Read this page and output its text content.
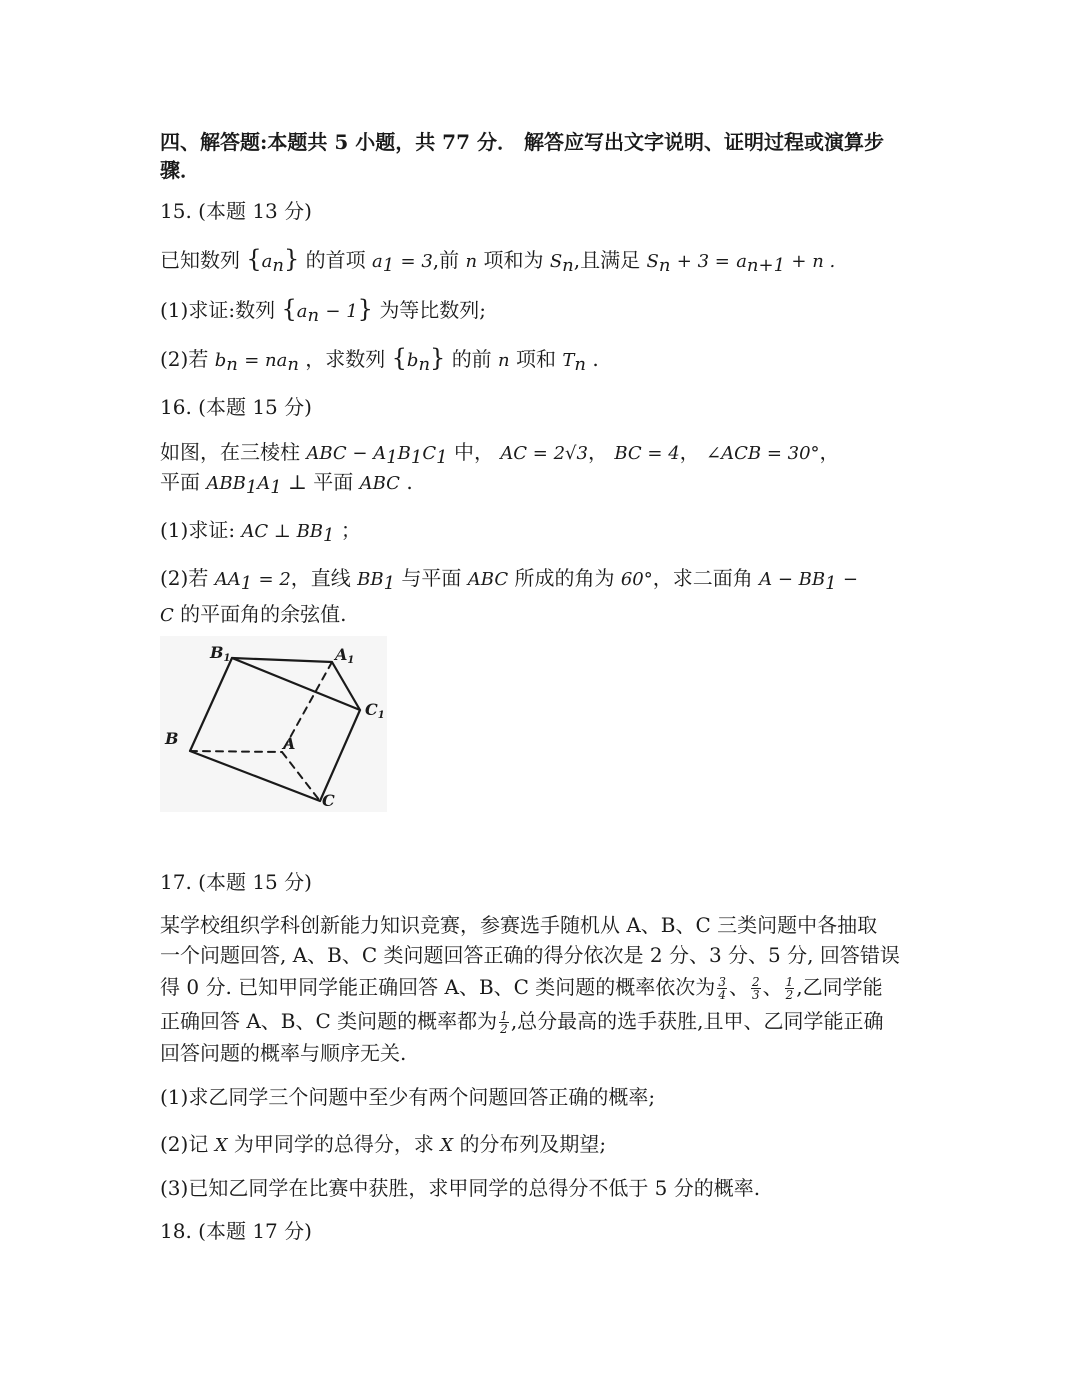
四、解答题:本题共 5 小题，共 77 分． 解答应写出文字说明、证明过程或演算步
骤．
15. (本题 13 分)
已知数列 $\{a_n\}$ 的首项 $a_1 = 3$,前 n 项和为 $S_n$,且满足 $S_n + 3 = a_{n+1} + n$ .
(1)求证:数列 $\{a_n - 1\}$ 为等比数列;
(2)若 $b_n = na_n$ ，求数列 $\{b_n\}$ 的前 n 项和 $T_n$ .
16. (本题 15 分)
如图，在三棱柱 ABC − $A_1B_1C_1$ 中， AC = 2√3， BC = 4， ∠ACB = 30°，
平面 $ABB_1A_1$ ⊥ 平面 ABC .
(1)求证: AC ⊥ $BB_1$ ；
(2)若 $AA_1 = 2$，直线 $BB_1$ 与平面 ABC 所成的角为 60°，求二面角 $A - BB_1$ −
C 的平面角的余弦值.
B1	A1
C1
B	A
C
17. (本题 15 分)
某学校组织学科创新能力知识竞赛，参赛选手随机从 A、B、C 三类问题中各抽取
一个问题回答, A、B、C 类问题回答正确的得分依次是 2 分、3 分、5 分, 回答错误
得 0 分. 已知甲同学能正确回答 A、B、C 类问题的概率依次为 $\frac{3}{4}$ 、 $\frac{2}{3}$ 、 $\frac{1}{2}$ ,乙同学能
正确回答 A、B、C 类问题的概率都为 $\frac{1}{2}$ ,总分最高的选手获胜,且甲、乙同学能正确
回答问题的概率与顺序无关.
(1)求乙同学三个问题中至少有两个问题回答正确的概率;
(2)记 X 为甲同学的总得分，求 X 的分布列及期望;
(3)已知乙同学在比赛中获胜，求甲同学的总得分不低于 5 分的概率.
18. (本题 17 分)
